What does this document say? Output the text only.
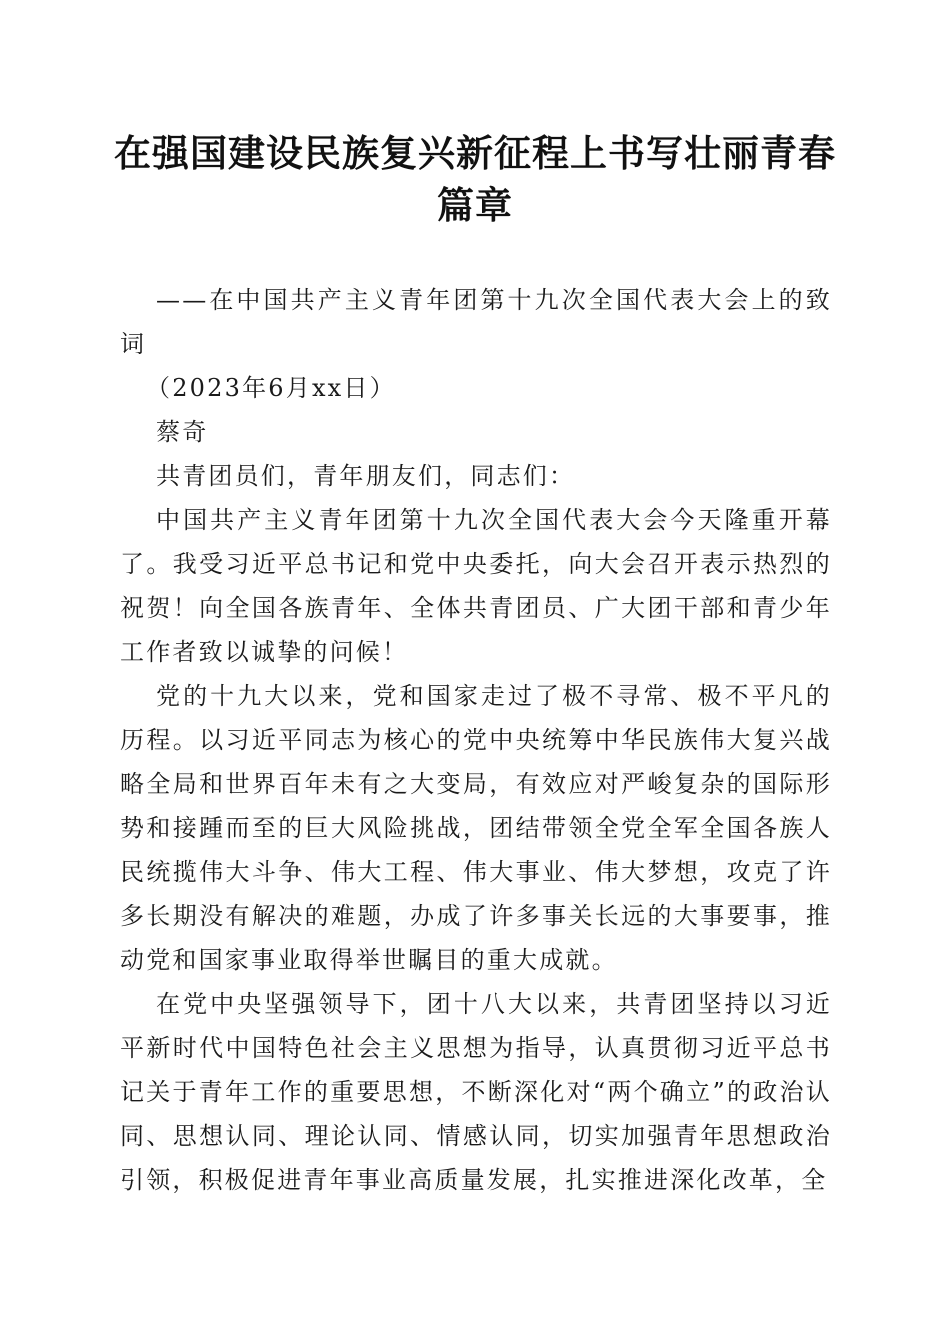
在强国建设民族复兴新征程上书写壮丽青春篇章

——在中国共产主义青年团第十九次全国代表大会上的致词

（2023年6月xx日）

蔡奇

共青团员们，青年朋友们，同志们：

中国共产主义青年团第十九次全国代表大会今天隆重开幕了。我受习近平总书记和党中央委托，向大会召开表示热烈的祝贺！向全国各族青年、全体共青团员、广大团干部和青少年工作者致以诚挚的问候！

党的十九大以来，党和国家走过了极不寻常、极不平凡的历程。以习近平同志为核心的党中央统筹中华民族伟大复兴战略全局和世界百年未有之大变局，有效应对严峻复杂的国际形势和接踵而至的巨大风险挑战，团结带领全党全军全国各族人民统揽伟大斗争、伟大工程、伟大事业、伟大梦想，攻克了许多长期没有解决的难题，办成了许多事关长远的大事要事，推动党和国家事业取得举世瞩目的重大成就。

在党中央坚强领导下，团十八大以来，共青团坚持以习近平新时代中国特色社会主义思想为指导，认真贯彻习近平总书记关于青年工作的重要思想，不断深化对“两个确立”的政治认同、思想认同、理论认同、情感认同，切实加强青年思想政治引领，积极促进青年事业高质量发展，扎实推进深化改革，全
